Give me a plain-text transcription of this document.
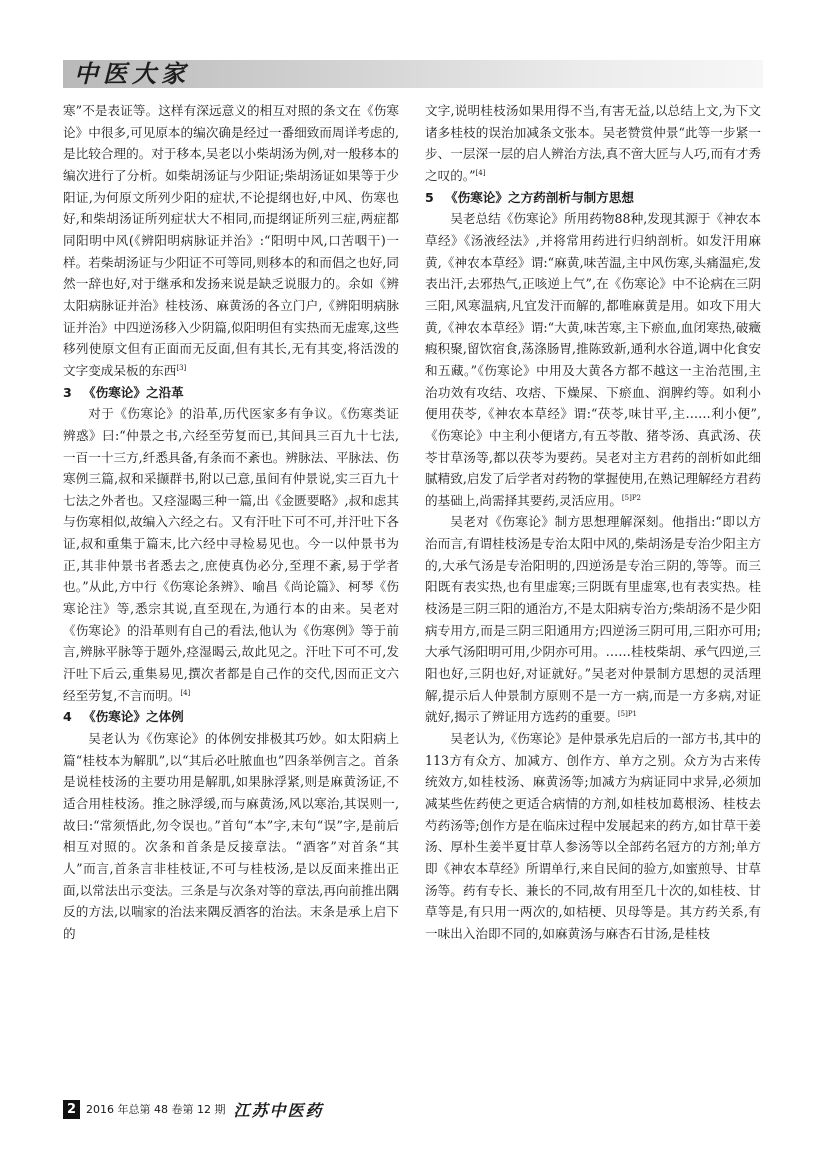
中医大家

寒”不是表证等。这样有深远意义的相互对照的条文在《伤寒论》中很多,可见原本的编次确是经过一番细致而周详考虑的,是比较合理的。对于移本,吴老以小柴胡汤为例,对一般移本的编次进行了分析。如柴胡汤证与少阳证;柴胡汤证如果等于少阳证,为何原文所列少阳的症状,不论提纲也好,中风、伤寒也好,和柴胡汤证所列症状大不相同,而提纲证所列三症,两症都同阳明中风(《辨阳明病脉证并治》:“阳明中风,口苦咽干)一样。若柴胡汤证与少阳证不可等同,则移本的和而倡之也好,同然一辞也好,对于继承和发扬来说是缺乏说服力的。余如《辨太阳病脉证并治》桂枝汤、麻黄汤的各立门户,《辨阳明病脉证并治》中四逆汤移入少阴篇,似阳明但有实热而无虚寒,这些移列使原文但有正面而无反面,但有其长,无有其变,将活泼的文字变成呆板的东西[3]

3 《伤寒论》之沿革

对于《伤寒论》的沿革,历代医家多有争议。《伤寒类证辨惑》曰:“仲景之书,六经至劳复而已,其间具三百九十七法,一百一十三方,纤悉具备,有条而不紊也。辨脉法、平脉法、伤寒例三篇,叔和采撷群书,附以己意,虽间有仲景说,实三百九十七法之外者也。又痉湿暍三种一篇,出《金匮要略》,叔和虑其与伤寒相似,故编入六经之右。又有汗吐下可不可,并汗吐下各证,叔和重集于篇末,比六经中寻检易见也。今一以仲景书为正,其非仲景书者悉去之,庶使真伪必分,至理不紊,易于学者也。”从此,方中行《伤寒论条辨》、喻昌《尚论篇》、柯琴《伤寒论注》等,悉宗其说,直至现在,为通行本的由来。吴老对《伤寒论》的沿革则有自己的看法,他认为《伤寒例》等于前言,辨脉平脉等于题外,痉湿暍云,故此见之。汗吐下可不可,发汗吐下后云,重集易见,撰次者都是自己作的交代,因而正文六经至劳复,不言而明。[4]

4 《伤寒论》之体例

吴老认为《伤寒论》的体例安排极其巧妙。如太阳病上篇“桂枝本为解肌”,以“其后必吐脓血也”四条举例言之。首条是说桂枝汤的主要功用是解肌,如果脉浮紧,则是麻黄汤证,不适合用桂枝汤。推之脉浮缓,而与麻黄汤,风以寒治,其误则一,故曰:“常须悟此,勿令误也。”首句“本”字,末句“误”字,是前后相互对照的。次条和首条是反接章法。“酒客”对首条“其人”而言,首条言非桂枝证,不可与桂枝汤,是以反面来推出正面,以常法出示变法。三条是与次条对等的章法,再向前推出隅反的方法,以喘家的治法来隅反酒客的治法。末条是承上启下的

文字,说明桂枝汤如果用得不当,有害无益,以总结上文,为下文诸多桂枝的误治加减条文张本。吴老赞赏仲景“此等一步紧一步、一层深一层的启人辨治方法,真不啻大匠与人巧,而有才秀之叹的。”[4]

5 《伤寒论》之方药剖析与制方思想

吴老总结《伤寒论》所用药物88种,发现其源于《神农本草经》《汤液经法》,并将常用药进行归纳剖析。如发汗用麻黄,《神农本草经》谓:“麻黄,味苦温,主中风伤寒,头痛温疟,发表出汗,去邪热气,正咳逆上气”,在《伤寒论》中不论病在三阴三阳,风寒温病,凡宜发汗而解的,都唯麻黄是用。如攻下用大黄,《神农本草经》谓:“大黄,味苦寒,主下瘀血,血闭寒热,破癥瘕积聚,留饮宿食,荡涤肠胃,推陈致新,通利水谷道,调中化食安和五藏。”《伤寒论》中用及大黄各方都不越这一主治范围,主治功效有攻结、攻痞、下燥屎、下瘀血、润脾约等。如利小便用茯苓,《神农本草经》谓:“茯苓,味甘平,主……利小便”,《伤寒论》中主利小便诸方,有五苓散、猪苓汤、真武汤、茯苓甘草汤等,都以茯苓为要药。吴老对主方君药的剖析如此细腻精致,启发了后学者对药物的掌握使用,在熟记理解经方君药的基础上,尚需择其要药,灵活应用。$^{[5]P2}$

吴老对《伤寒论》制方思想理解深刻。他指出:“即以方治而言,有谓桂枝汤是专治太阳中风的,柴胡汤是专治少阳主方的,大承气汤是专治阳明的,四逆汤是专治三阴的,等等。而三阳既有表实热,也有里虚寒;三阴既有里虚寒,也有表实热。桂枝汤是三阴三阳的通治方,不是太阳病专治方;柴胡汤不是少阳病专用方,而是三阴三阳通用方;四逆汤三阴可用,三阳亦可用;大承气汤阳明可用,少阴亦可用。……桂枝柴胡、承气四逆,三阳也好,三阴也好,对证就好。”吴老对仲景制方思想的灵活理解,提示后人仲景制方原则不是一方一病,而是一方多病,对证就好,揭示了辨证用方选药的重要。$^{[5]P1}$

吴老认为,《伤寒论》是仲景承先启后的一部方书,其中的113方有众方、加减方、创作方、单方之别。众方为古来传统效方,如桂枝汤、麻黄汤等;加减方为病证同中求异,必须加减某些佐药使之更适合病情的方剂,如桂枝加葛根汤、桂枝去芍药汤等;创作方是在临床过程中发展起来的药方,如甘草干姜汤、厚朴生姜半夏甘草人参汤等以全部药名冠方的方剂;单方即《神农本草经》所谓单行,来自民间的验方,如蜜煎导、甘草汤等。药有专长、兼长的不同,故有用至几十次的,如桂枝、甘草等是,有只用一两次的,如桔梗、贝母等是。其方药关系,有一味出入治即不同的,如麻黄汤与麻杏石甘汤,是桂枝

2 2016 年总第 48 卷第 12 期 江苏中医药
